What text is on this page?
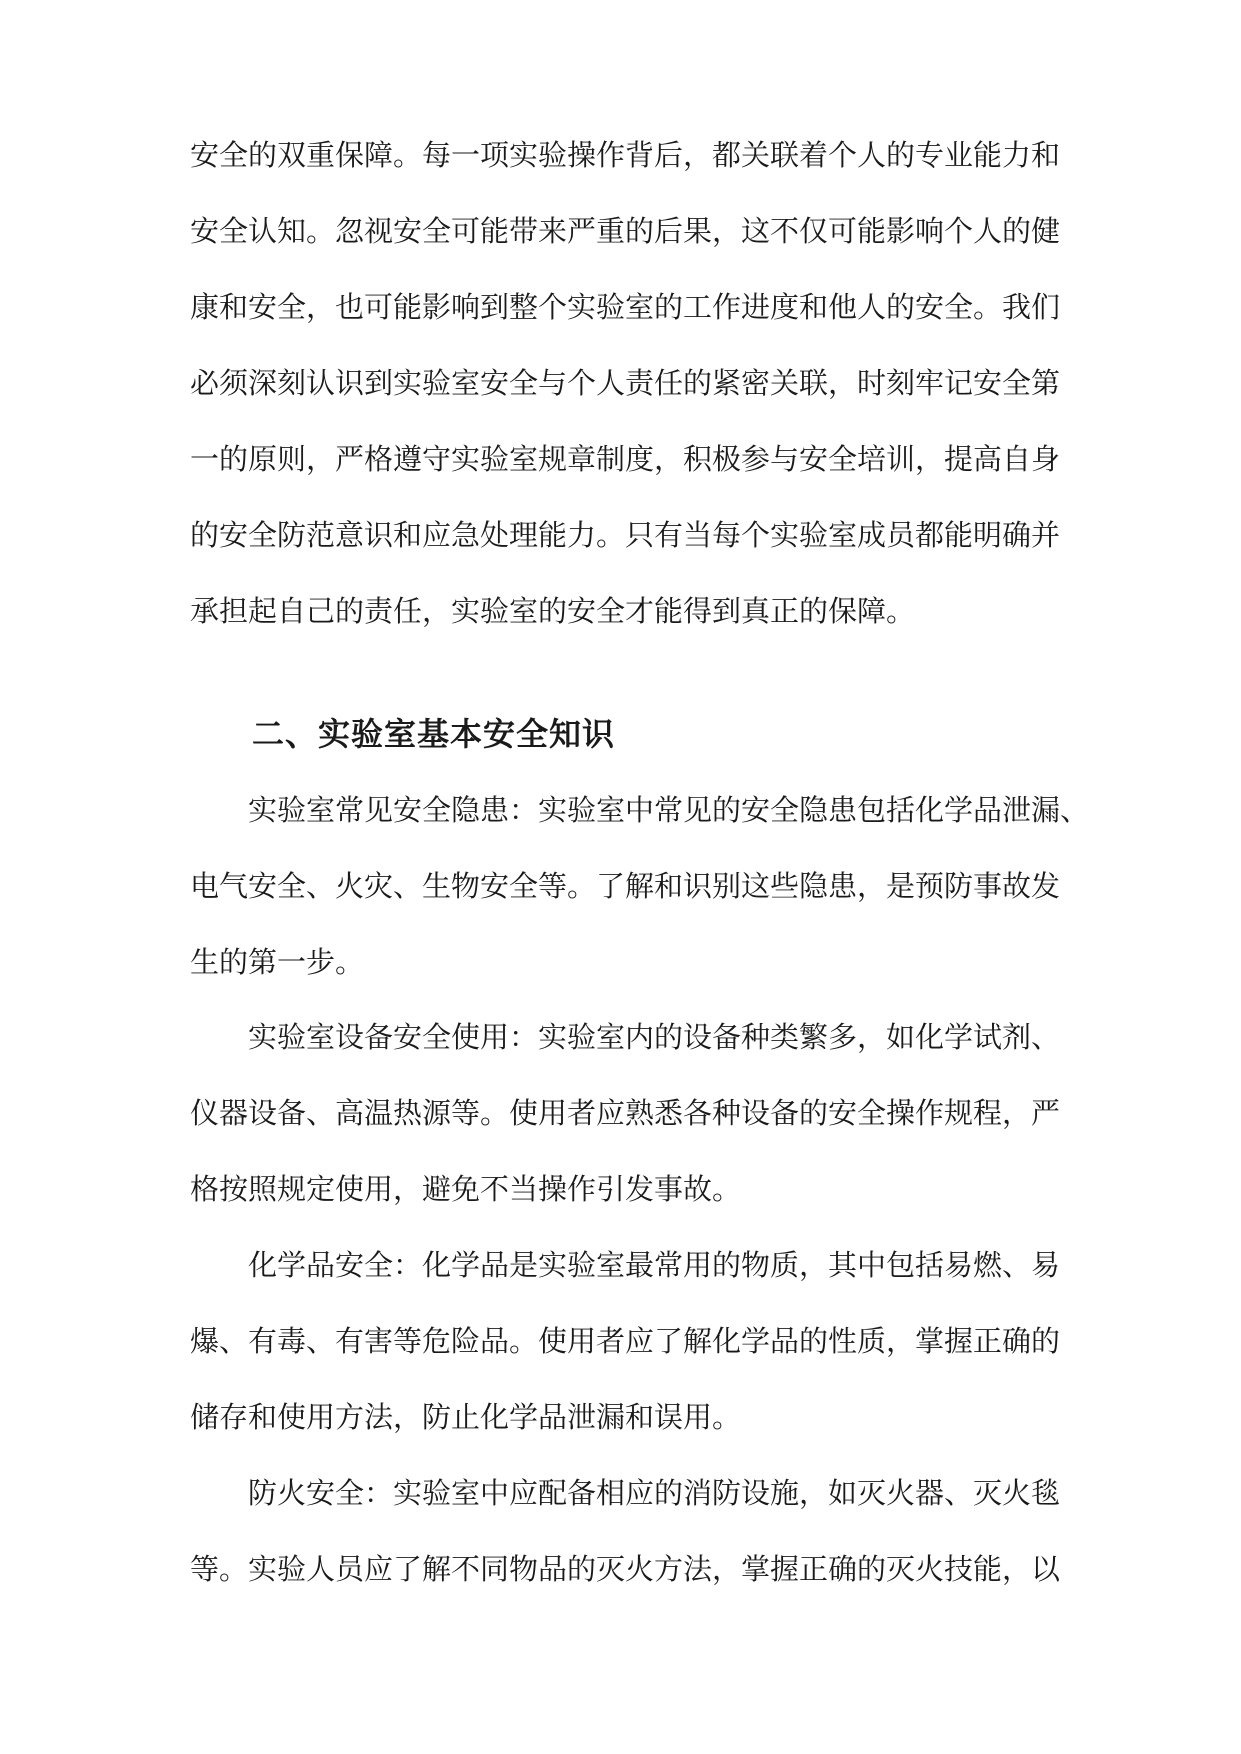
安全的双重保障。每一项实验操作背后，都关联着个人的专业能力和
安全认知。忽视安全可能带来严重的后果，这不仅可能影响个人的健
康和安全，也可能影响到整个实验室的工作进度和他人的安全。我们
必须深刻认识到实验室安全与个人责任的紧密关联，时刻牢记安全第
一的原则，严格遵守实验室规章制度，积极参与安全培训，提高自身
的安全防范意识和应急处理能力。只有当每个实验室成员都能明确并
承担起自己的责任，实验室的安全才能得到真正的保障。
二、实验室基本安全知识
实验室常见安全隐患：实验室中常见的安全隐患包括化学品泄漏、
电气安全、火灾、生物安全等。了解和识别这些隐患，是预防事故发
生的第一步。
实验室设备安全使用：实验室内的设备种类繁多，如化学试剂、
仪器设备、高温热源等。使用者应熟悉各种设备的安全操作规程，严
格按照规定使用，避免不当操作引发事故。
化学品安全：化学品是实验室最常用的物质，其中包括易燃、易
爆、有毒、有害等危险品。使用者应了解化学品的性质，掌握正确的
储存和使用方法，防止化学品泄漏和误用。
防火安全：实验室中应配备相应的消防设施，如灭火器、灭火毯
等。实验人员应了解不同物品的灭火方法，掌握正确的灭火技能，以
